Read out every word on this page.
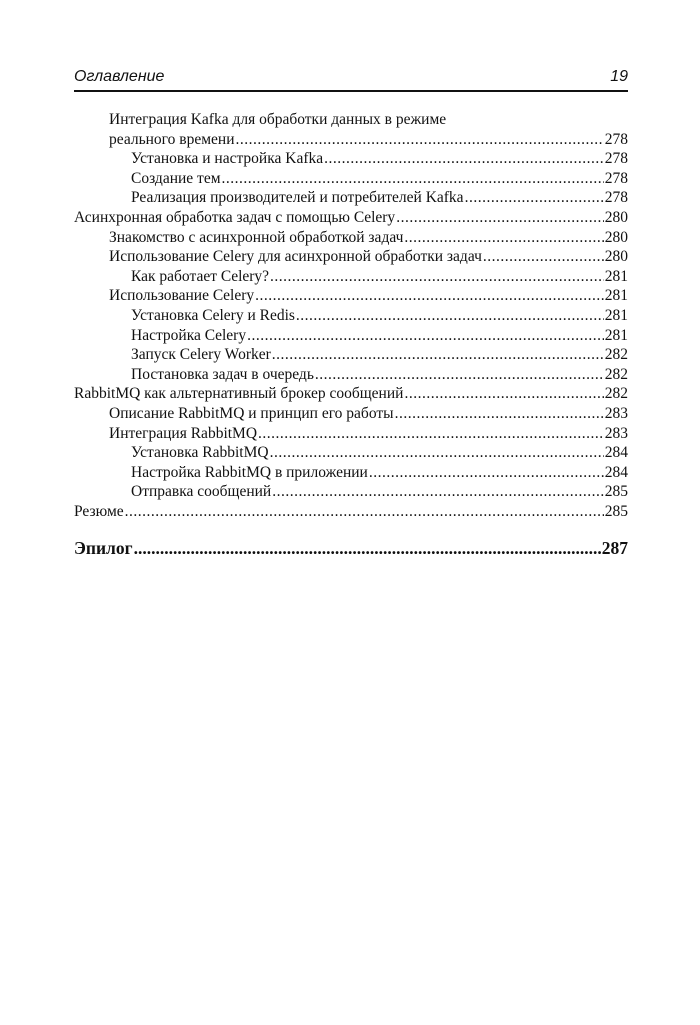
Оглавление	19
Интеграция Kafka для обработки данных в режиме
реального времени .....	278
Установка и настройка Kafka .....	278
Создание тем .....	278
Реализация производителей и потребителей Kafka .....	278
Асинхронная обработка задач с помощью Celery .....	280
Знакомство с асинхронной обработкой задач .....	280
Использование Celery для асинхронной обработки задач .....	280
Как работает Celery? .....	281
Использование Celery .....	281
Установка Celery и Redis .....	281
Настройка Celery .....	281
Запуск Celery Worker .....	282
Постановка задач в очередь .....	282
RabbitMQ как альтернативный брокер сообщений .....	282
Описание RabbitMQ и принцип его работы .....	283
Интеграция RabbitMQ .....	283
Установка RabbitMQ .....	284
Настройка RabbitMQ в приложении .....	284
Отправка сообщений .....	285
Резюме .....	285
Эпилог .....	287
